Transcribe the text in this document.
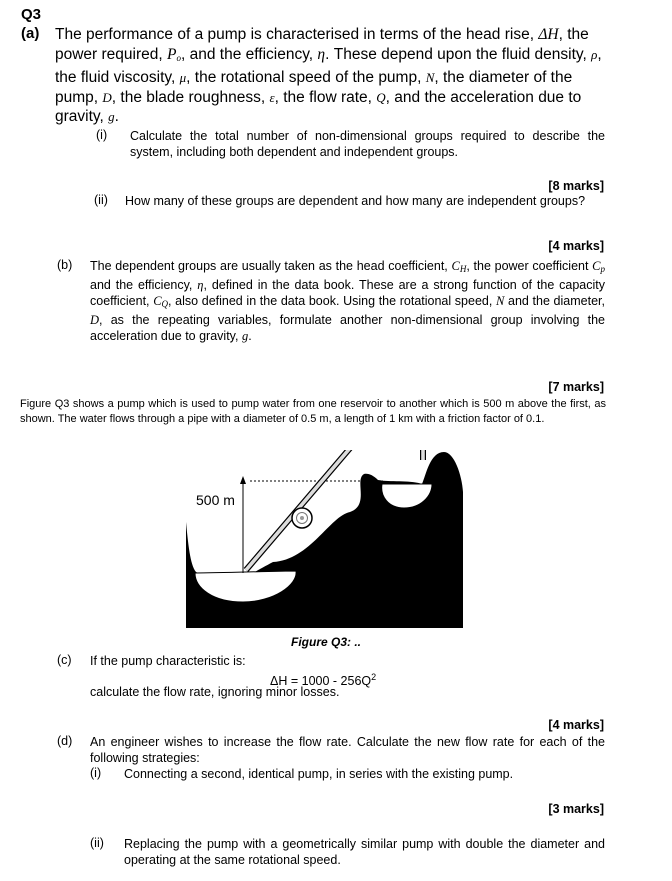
Q3
(a) The performance of a pump is characterised in terms of the head rise, ΔH, the power required, $P_o$, and the efficiency, η. These depend upon the fluid density, ρ, the fluid viscosity, μ, the rotational speed of the pump, N, the diameter of the pump, D, the blade roughness, ε, the flow rate, Q, and the acceleration due to gravity, g.
(i) Calculate the total number of non-dimensional groups required to describe the system, including both dependent and independent groups.
[8 marks]
(ii) How many of these groups are dependent and how many are independent groups?
[4 marks]
(b) The dependent groups are usually taken as the head coefficient, $C_H$, the power coefficient $C_p$ and the efficiency, η, defined in the data book. These are a strong function of the capacity coefficient, $C_Q$, also defined in the data book. Using the rotational speed, N and the diameter, D, as the repeating variables, formulate another non-dimensional group involving the acceleration due to gravity, g.
[7 marks]
Figure Q3 shows a pump which is used to pump water from one reservoir to another which is 500 m above the first, as shown. The water flows through a pipe with a diameter of 0.5 m, a length of 1 km with a friction factor of 0.1.
500 m
Figure Q3: ..
(c) If the pump characteristic is:
$\Delta H = 1000 - 256Q^2$
calculate the flow rate, ignoring minor losses.
[4 marks]
(d) An engineer wishes to increase the flow rate. Calculate the new flow rate for each of the following strategies:
(i) Connecting a second, identical pump, in series with the existing pump.
[3 marks]
(ii) Replacing the pump with a geometrically similar pump with double the diameter and operating at the same rotational speed.
